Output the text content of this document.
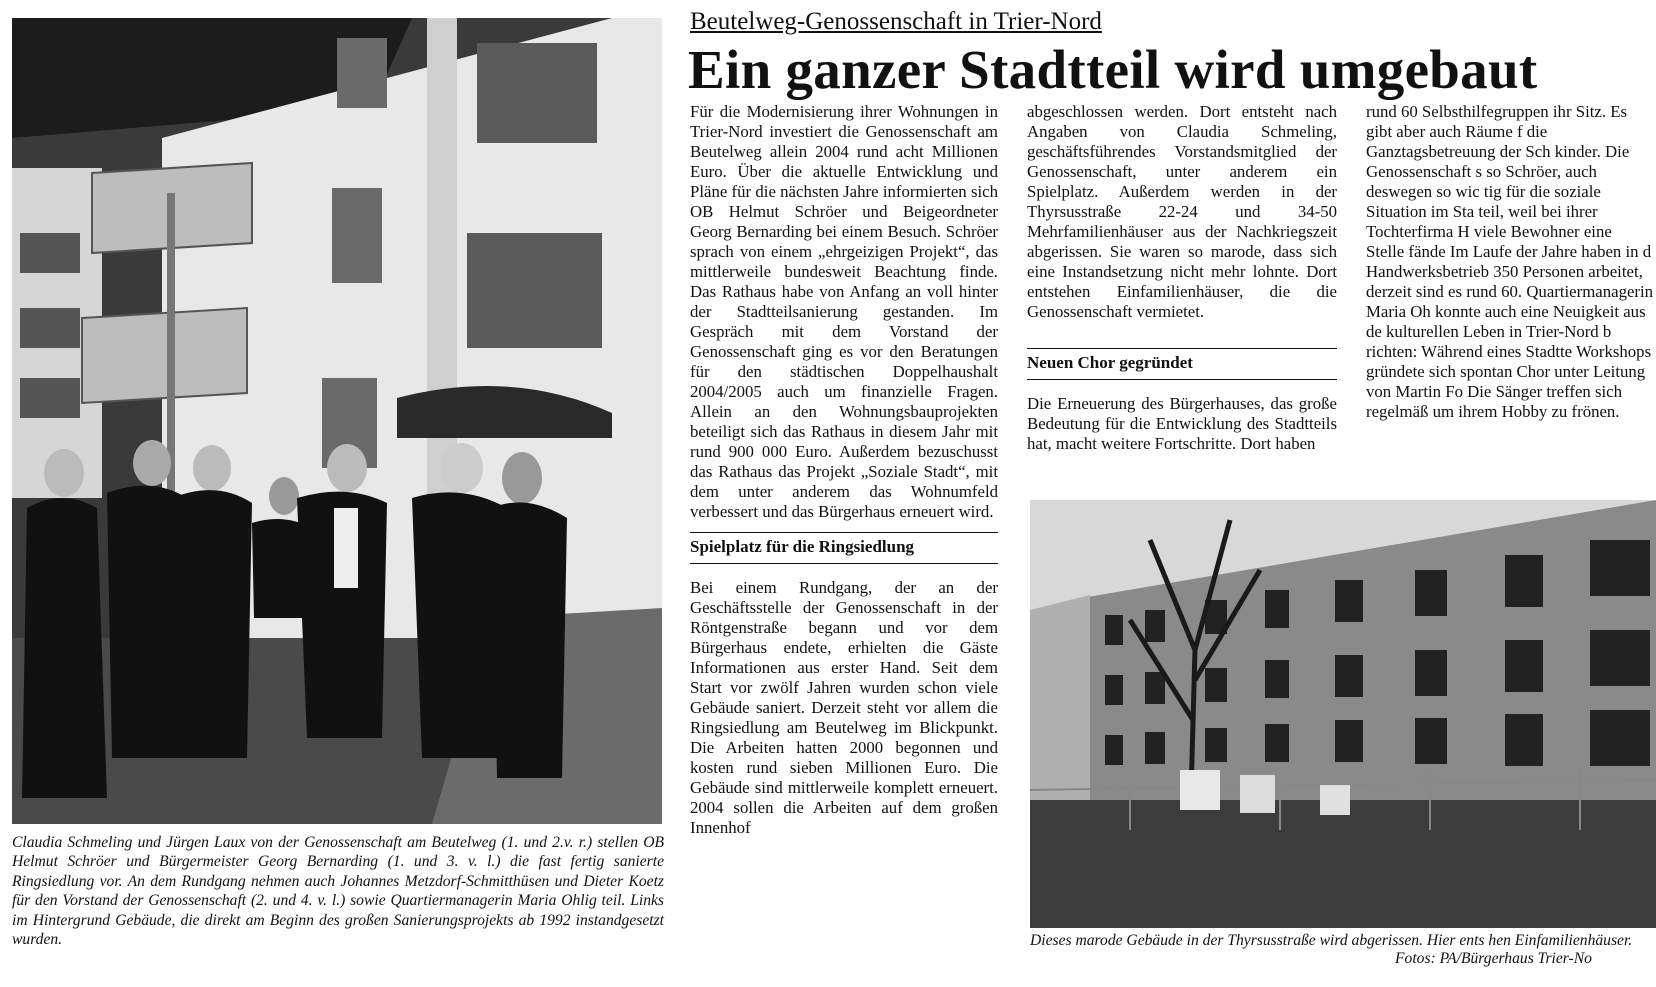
Claudia Schmeling und Jürgen Laux von der Genossenschaft am Beutelweg (1. und 2.v. r.) stellen OB Helmut Schröer und Bürgermeister Georg Bernarding (1. und 3. v. l.) die fast fertig sanierte Ringsiedlung vor. An dem Rundgang nehmen auch Johannes Metzdorf-Schmitthüsen und Dieter Koetz für den Vorstand der Genossenschaft (2. und 4. v. l.) sowie Quartiermanagerin Maria Ohlig teil. Links im Hintergrund Gebäude, die direkt am Beginn des großen Sanierungsprojekts ab 1992 instandgesetzt wurden.
Beutelweg-Genossenschaft in Trier-Nord
Ein ganzer Stadtteil wird umgebaut

Für die Modernisierung ihrer Wohnungen in Trier-Nord investiert die Genossenschaft am Beutelweg allein 2004 rund acht Millionen Euro. Über die aktuelle Entwicklung und Pläne für die nächsten Jahre informierten sich OB Helmut Schröer und Beigeordneter Georg Bernarding bei einem Besuch. Schröer sprach von einem „ehrgeizigen Projekt“, das mittlerweile bundesweit Beachtung finde. Das Rathaus habe von Anfang an voll hinter der Stadtteilsanierung gestanden. Im Gespräch mit dem Vorstand der Genossenschaft ging es vor den Beratungen für den städtischen Doppelhaushalt 2004/2005 auch um finanzielle Fragen. Allein an den Wohnungsbauprojekten beteiligt sich das Rathaus in diesem Jahr mit rund 900 000 Euro. Außerdem bezuschusst das Rathaus das Projekt „Soziale Stadt“, mit dem unter anderem das Wohnumfeld verbessert und das Bürgerhaus erneuert wird.

Spielplatz für die Ringsiedlung

Bei einem Rundgang, der an der Geschäftsstelle der Genossenschaft in der Röntgenstraße begann und vor dem Bürgerhaus endete, erhielten die Gäste Informationen aus erster Hand. Seit dem Start vor zwölf Jahren wurden schon viele Gebäude saniert. Derzeit steht vor allem die Ringsiedlung am Beutelweg im Blickpunkt. Die Arbeiten hatten 2000 begonnen und kosten rund sieben Millionen Euro. Die Gebäude sind mittlerweile komplett erneuert. 2004 sollen die Arbeiten auf dem großen Innenhof

abgeschlossen werden. Dort entsteht nach Angaben von Claudia Schmeling, geschäftsführendes Vorstandsmitglied der Genossenschaft, unter anderem ein Spielplatz. Außerdem werden in der Thyrsusstraße 22-24 und 34-50 Mehrfamilienhäuser aus der Nachkriegszeit abgerissen. Sie waren so marode, dass sich eine Instandsetzung nicht mehr lohnte. Dort entstehen Einfamilienhäuser, die die Genossenschaft vermietet.

Neuen Chor gegründet

Die Erneuerung des Bürgerhauses, das große Bedeutung für die Entwicklung des Stadtteils hat, macht weitere Fortschritte. Dort haben

rund 60 Selbsthilfegruppen ihr Sitz. Es gibt aber auch Räume f die Ganztagsbetreuung der Sch kinder. Die Genossenschaft s so Schröer, auch deswegen so wic tig für die soziale Situation im Sta teil, weil bei ihrer Tochterfirma H viele Bewohner eine Stelle fände Im Laufe der Jahre haben in d Handwerksbetrieb 350 Personen arbeitet, derzeit sind es rund 60. Quartiermanagerin Maria Oh konnte auch eine Neuigkeit aus de kulturellen Leben in Trier-Nord b richten: Während eines Stadtte Workshops gründete sich spontan Chor unter Leitung von Martin Fo Die Sänger treffen sich regelmäß um ihrem Hobby zu frönen.

Dieses marode Gebäude in der Thyrsusstraße wird abgerissen. Hier ents hen Einfamilienhäuser.
Fotos: PA/Bürgerhaus Trier-No
